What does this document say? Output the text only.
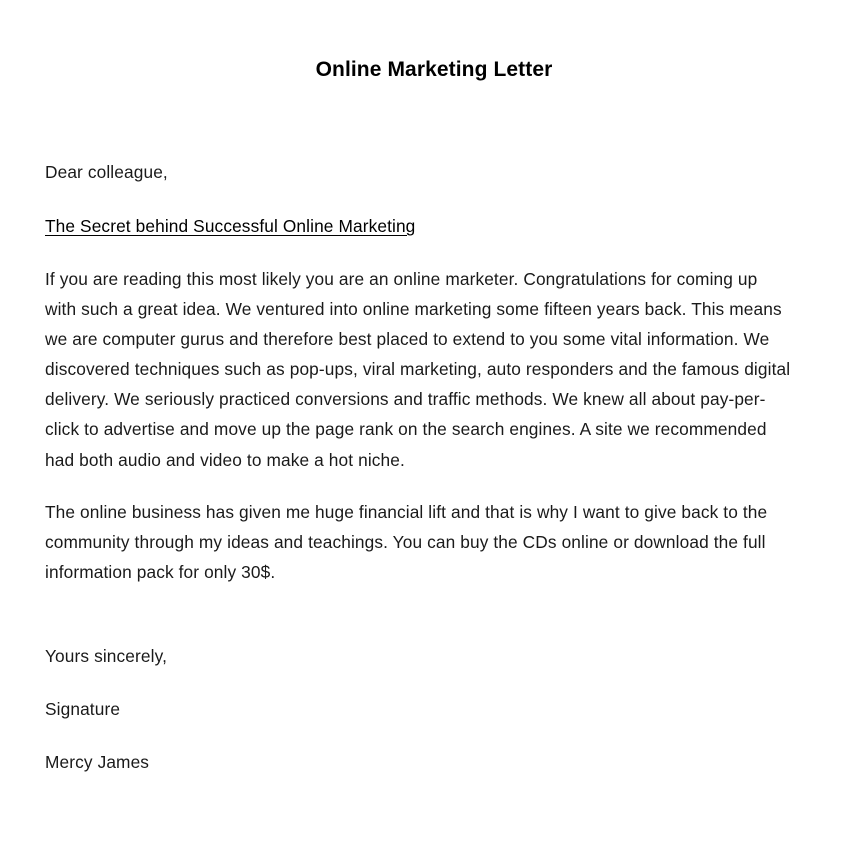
Online Marketing Letter

Dear colleague,

The Secret behind Successful Online Marketing

If you are reading this most likely you are an online marketer. Congratulations for coming up
with such a great idea. We ventured into online marketing some fifteen years back. This means
we are computer gurus and therefore best placed to extend to you some vital information. We
discovered techniques such as pop-ups, viral marketing, auto responders and the famous digital
delivery. We seriously practiced conversions and traffic methods. We knew all about pay-per-
click to advertise and move up the page rank on the search engines. A site we recommended
had both audio and video to make a hot niche.

The online business has given me huge financial lift and that is why I want to give back to the
community through my ideas and teachings. You can buy the CDs online or download the full
information pack for only 30$.

Yours sincerely,

Signature

Mercy James
